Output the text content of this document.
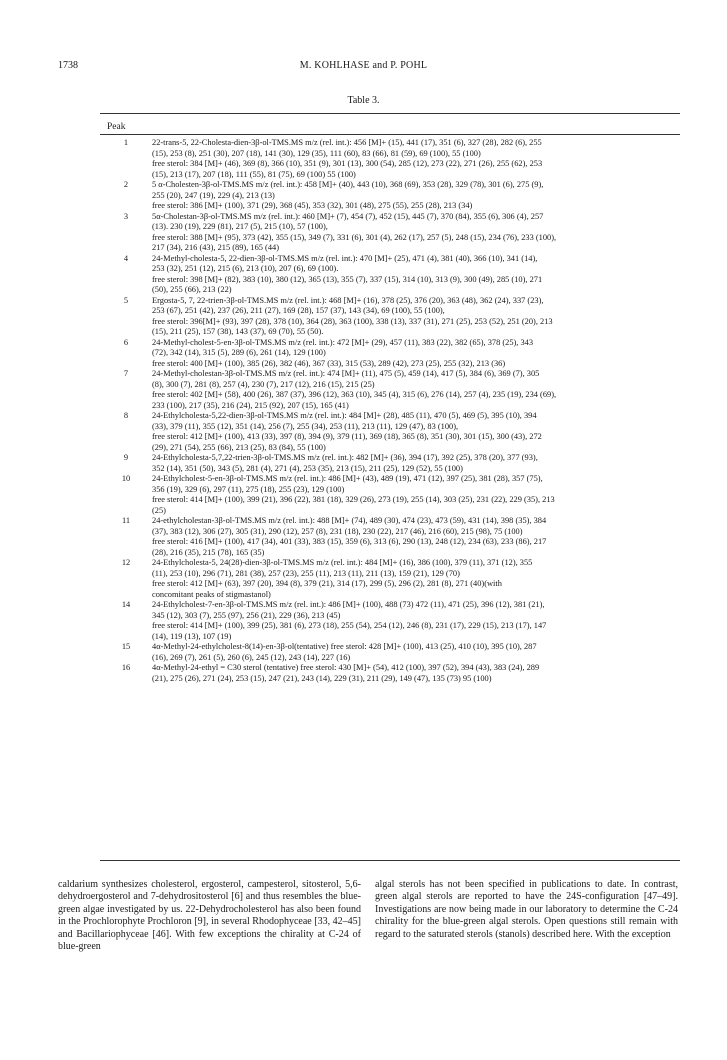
1738	M. KOHLHASE and P. POHL
Table 3.
Peak
1	22-trans-5, 22-Cholesta-dien-3β-ol-TMS.MS m/z (rel. int.): 456 [M]+ (15), 441 (17), 351 (6), 327 (28), 282 (6), 255
(15), 253 (8), 251 (30), 207 (18), 141 (30), 129 (35), 111 (60), 83 (66), 81 (59), 69 (100), 55 (100)
free sterol: 384 [M]+ (46), 369 (8), 366 (10), 351 (9), 301 (13), 300 (54), 285 (12), 273 (22), 271 (26), 255 (62), 253
(15), 213 (17), 207 (18), 111 (55), 81 (75), 69 (100) 55 (100)
2	5 α-Cholesten-3β-ol-TMS.MS m/z (rel. int.): 458 [M]+ (40), 443 (10), 368 (69), 353 (28), 329 (78), 301 (6), 275 (9),
255 (20), 247 (19), 229 (4), 213 (13)
free sterol: 386 [M]+ (100), 371 (29), 368 (45), 353 (32), 301 (48), 275 (55), 255 (28), 213 (34)
3	5α-Cholestan-3β-ol-TMS.MS m/z (rel. int.): 460 [M]+ (7), 454 (7), 452 (15), 445 (7), 370 (84), 355 (6), 306 (4), 257
(13). 230 (19), 229 (81), 217 (5), 215 (10), 57 (100),
free sterol: 388 [M]+ (95), 373 (42), 355 (15), 349 (7), 331 (6), 301 (4), 262 (17), 257 (5), 248 (15), 234 (76), 233 (100),
217 (34), 216 (43), 215 (89), 165 (44)
4	24-Methyl-cholesta-5, 22-dien-3β-ol-TMS.MS m/z (rel. int.): 470 [M]+ (25), 471 (4), 381 (40), 366 (10), 341 (14),
253 (32), 251 (12), 215 (6), 213 (10), 207 (6), 69 (100).
free sterol: 398 [M]+ (82), 383 (10), 380 (12), 365 (13), 355 (7), 337 (15), 314 (10), 313 (9), 300 (49), 285 (10), 271
(50), 255 (66), 213 (22)
5	Ergosta-5, 7, 22-trien-3β-ol-TMS.MS m/z (rel. int.): 468 [M]+ (16), 378 (25), 376 (20), 363 (48), 362 (24), 337 (23),
253 (67), 251 (42), 237 (26), 211 (27), 169 (28), 157 (37), 143 (34), 69 (100), 55 (100),
free sterol: 396[M]+ (93), 397 (28), 378 (10), 364 (28), 363 (100), 338 (13), 337 (31), 271 (25), 253 (52), 251 (20), 213
(15), 211 (25), 157 (38), 143 (37), 69 (70), 55 (50).
6	24-Methyl-cholest-5-en-3β-ol-TMS.MS m/z (rel. int.): 472 [M]+ (29), 457 (11), 383 (22), 382 (65), 378 (25), 343
(72), 342 (14), 315 (5), 289 (6), 261 (14), 129 (100)
free sterol: 400 [M]+ (100), 385 (26), 382 (46), 367 (33), 315 (53), 289 (42), 273 (25), 255 (32), 213 (36)
7	24-Methyl-cholestan-3β-ol-TMS.MS m/z (rel. int.): 474 [M]+ (11), 475 (5), 459 (14), 417 (5), 384 (6), 369 (7), 305
(8), 300 (7), 281 (8), 257 (4), 230 (7), 217 (12), 216 (15), 215 (25)
free sterol: 402 [M]+ (58), 400 (26), 387 (37), 396 (12), 363 (10), 345 (4), 315 (6), 276 (14), 257 (4), 235 (19), 234 (69),
233 (100), 217 (35), 216 (24), 215 (92), 207 (15), 165 (41)
8	24-Ethylcholesta-5,22-dien-3β-ol-TMS.MS m/z (rel. int.): 484 [M]+ (28), 485 (11), 470 (5), 469 (5), 395 (10), 394
(33), 379 (11), 355 (12), 351 (14), 256 (7), 255 (34), 253 (11), 213 (11), 129 (47), 83 (100),
free sterol: 412 [M]+ (100), 413 (33), 397 (8), 394 (9), 379 (11), 369 (18), 365 (8), 351 (30), 301 (15), 300 (43), 272
(29), 271 (54), 255 (66), 213 (25), 83 (84), 55 (100)
9	24-Ethylcholesta-5,7,22-trien-3β-ol-TMS.MS m/z (rel. int.): 482 [M]+ (36), 394 (17), 392 (25), 378 (20), 377 (93),
352 (14), 351 (50), 343 (5), 281 (4), 271 (4), 253 (35), 213 (15), 211 (25), 129 (52), 55 (100)
10	24-Ethylcholest-5-en-3β-ol-TMS.MS m/z (rel. int.): 486 [M]+ (43), 489 (19), 471 (12), 397 (25), 381 (28), 357 (75),
356 (19), 329 (6), 297 (11), 275 (18), 255 (23), 129 (100)
free sterol: 414 [M]+ (100), 399 (21), 396 (22), 381 (18), 329 (26), 273 (19), 255 (14), 303 (25), 231 (22), 229 (35), 213
(25)
11	24-ethylcholestan-3β-ol-TMS.MS m/z (rel. int.): 488 [M]+ (74), 489 (30), 474 (23), 473 (59), 431 (14), 398 (35), 384
(37), 383 (12), 306 (27), 305 (31), 290 (12), 257 (8), 231 (18), 230 (22), 217 (46), 216 (60), 215 (98), 75 (100)
free sterol: 416 [M]+ (100), 417 (34), 401 (33), 383 (15), 359 (6), 313 (6), 290 (13), 248 (12), 234 (63), 233 (86), 217
(28), 216 (35), 215 (78), 165 (35)
12	24-Ethylcholesta-5, 24(28)-dien-3β-ol-TMS.MS m/z (rel. int.): 484 [M]+ (16), 386 (100), 379 (11), 371 (12), 355
(11), 253 (10), 296 (71), 281 (38), 257 (23), 255 (11), 213 (11), 211 (13), 159 (21), 129 (70)
free sterol: 412 [M]+ (63), 397 (20), 394 (8), 379 (21), 314 (17), 299 (5), 296 (2), 281 (8), 271 (40)(with
concomitant peaks of stigmastanol)
14	24-Ethylcholest-7-en-3β-ol-TMS.MS m/z (rel. int.): 486 [M]+ (100), 488 (73) 472 (11), 471 (25), 396 (12), 381 (21),
345 (12), 303 (7), 255 (97), 256 (21), 229 (36), 213 (45)
free sterol: 414 [M]+ (100), 399 (25), 381 (6), 273 (18), 255 (54), 254 (12), 246 (8), 231 (17), 229 (15), 213 (17), 147
(14), 119 (13), 107 (19)
15	4α-Methyl-24-ethylcholest-8(14)-en-3β-ol(tentative) free sterol: 428 [M]+ (100), 413 (25), 410 (10), 395 (10), 287
(16), 269 (7), 261 (5), 260 (6), 245 (12), 243 (14), 227 (16)
16	4α-Methyl-24-ethyl = C30 sterol (tentative) free sterol: 430 [M]+ (54), 412 (100), 397 (52), 394 (43), 383 (24), 289
(21), 275 (26), 271 (24), 253 (15), 247 (21), 243 (14), 229 (31), 211 (29), 149 (47), 135 (73) 95 (100)

caldarium synthesizes cholesterol, ergosterol, campesterol, sitosterol, 5,6-dehydroergosterol and 7-dehydrositosterol [6] and thus resembles the blue-green algae investigated by us. 22-Dehydrocholesterol has also been found in the Prochlorophyte Prochloron [9], in several Rhodophyceae [33, 42–45] and Bacillariophyceae [46]. With few exceptions the chirality at C-24 of blue-green

algal sterols has not been specified in publications to date. In contrast, green algal sterols are reported to have the 24S-configuration [47–49]. Investigations are now being made in our laboratory to determine the C-24 chirality for the blue-green algal sterols. Open questions still remain with regard to the saturated sterols (stanols) described here. With the exception
